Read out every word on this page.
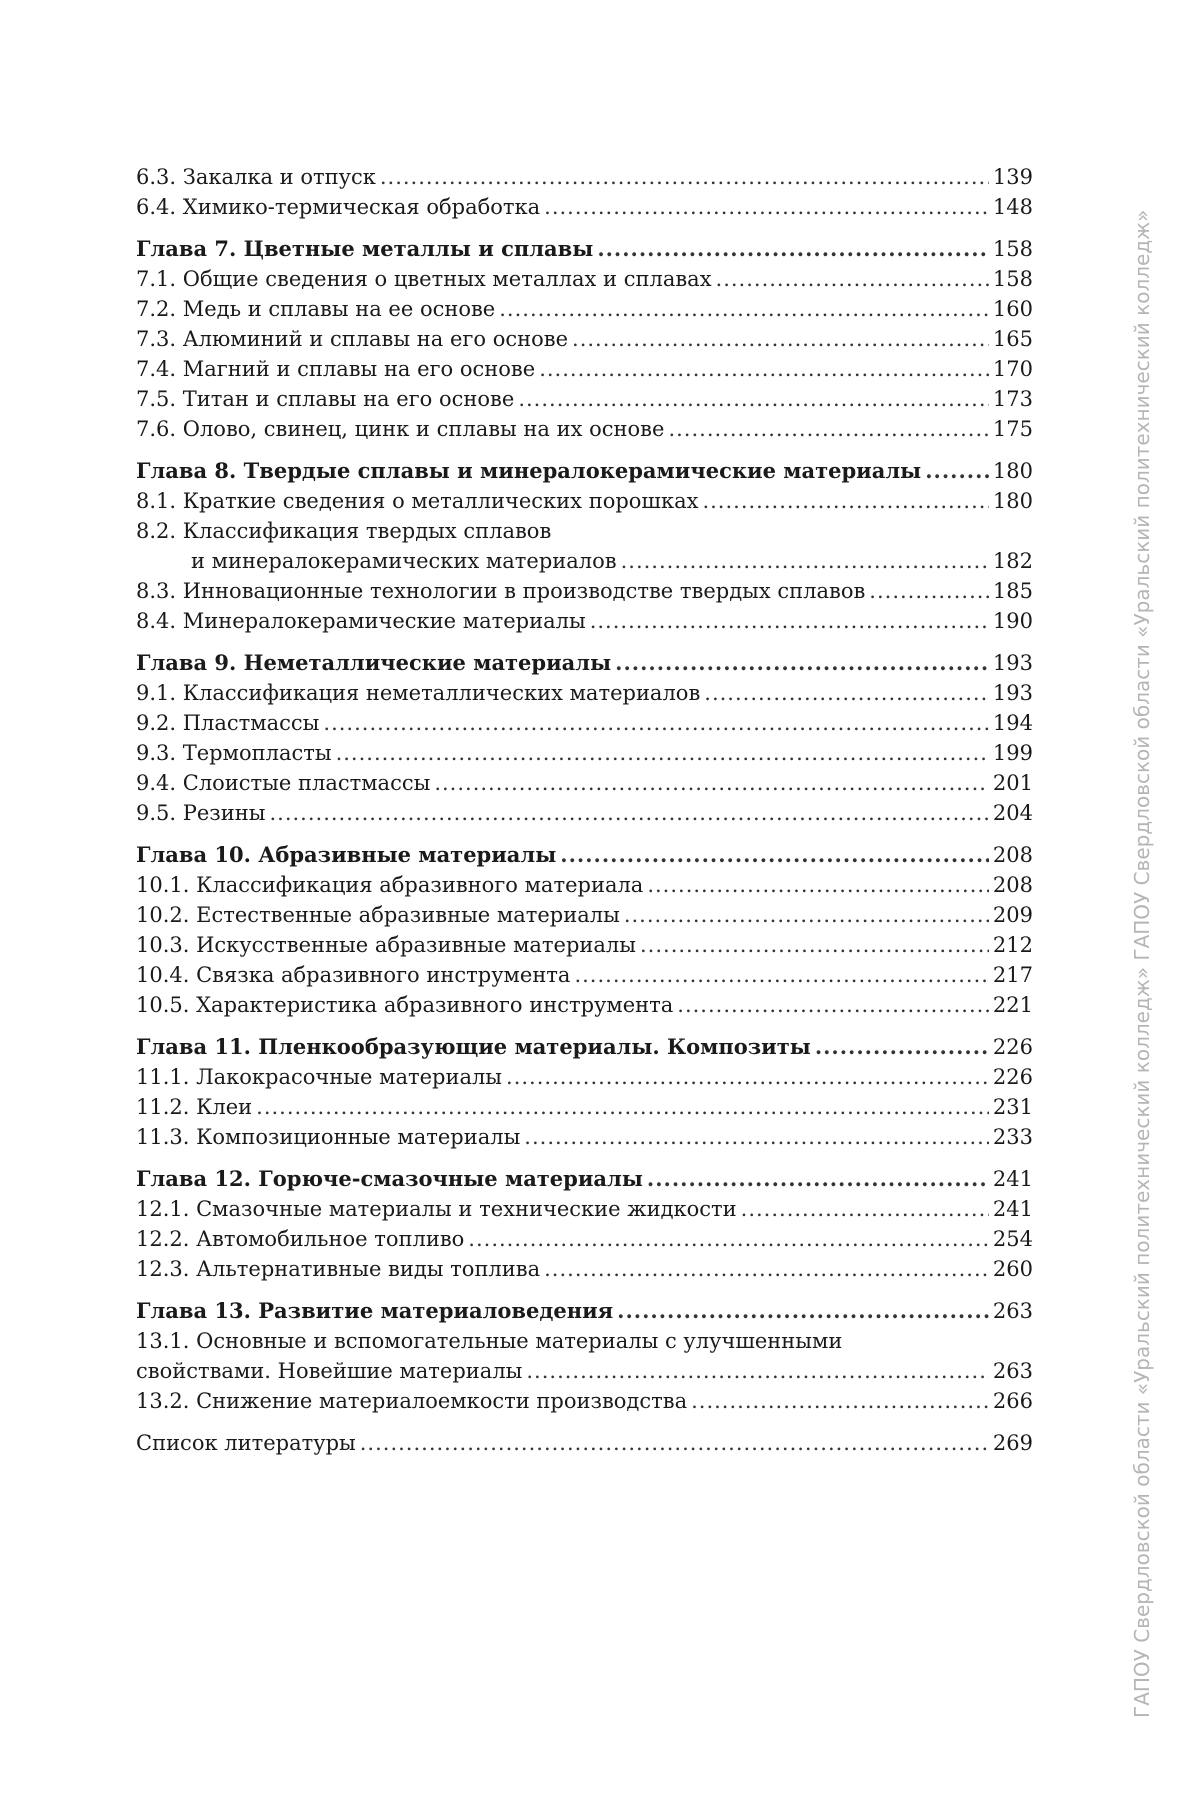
6.3. Закалка и отпуск .....	139
6.4. Химико-термическая обработка .....	148
Глава 7. Цветные металлы и сплавы .....	158
7.1. Общие сведения о цветных металлах и сплавах .....	158
7.2. Медь и сплавы на ее основе .....	160
7.3. Алюминий и сплавы на его основе .....	165
7.4. Магний и сплавы на его основе .....	170
7.5. Титан и сплавы на его основе .....	173
7.6. Олово, свинец, цинк и сплавы на их основе .....	175
Глава 8. Твердые сплавы и минералокерамические материалы .....	180
8.1. Краткие сведения о металлических порошках .....	180
8.2. Классификация твердых сплавов
и минералокерамических материалов .....	182
8.3. Инновационные технологии в производстве твердых сплавов .....	185
8.4. Минералокерамические материалы .....	190
Глава 9. Неметаллические материалы .....	193
9.1. Классификация неметаллических материалов .....	193
9.2. Пластмассы .....	194
9.3. Термопласты .....	199
9.4. Слоистые пластмассы .....	201
9.5. Резины .....	204
Глава 10. Абразивные материалы .....	208
10.1. Классификация абразивного материала .....	208
10.2. Естественные абразивные материалы .....	209
10.3. Искусственные абразивные материалы .....	212
10.4. Связка абразивного инструмента .....	217
10.5. Характеристика абразивного инструмента .....	221
Глава 11. Пленкообразующие материалы. Композиты .....	226
11.1. Лакокрасочные материалы .....	226
11.2. Клеи .....	231
11.3. Композиционные материалы .....	233
Глава 12. Горюче-смазочные материалы .....	241
12.1. Смазочные материалы и технические жидкости .....	241
12.2. Автомобильное топливо .....	254
12.3. Альтернативные виды топлива .....	260
Глава 13. Развитие материаловедения .....	263
13.1. Основные и вспомогательные материалы с улучшенными
свойствами. Новейшие материалы .....	263
13.2. Снижение материалоемкости производства .....	266
Список литературы .....	269	ГАПОУ Свердловской области «Уральский политехнический колледж» ГАПОУ Свердловской области «Уральский политехнический колледж»
